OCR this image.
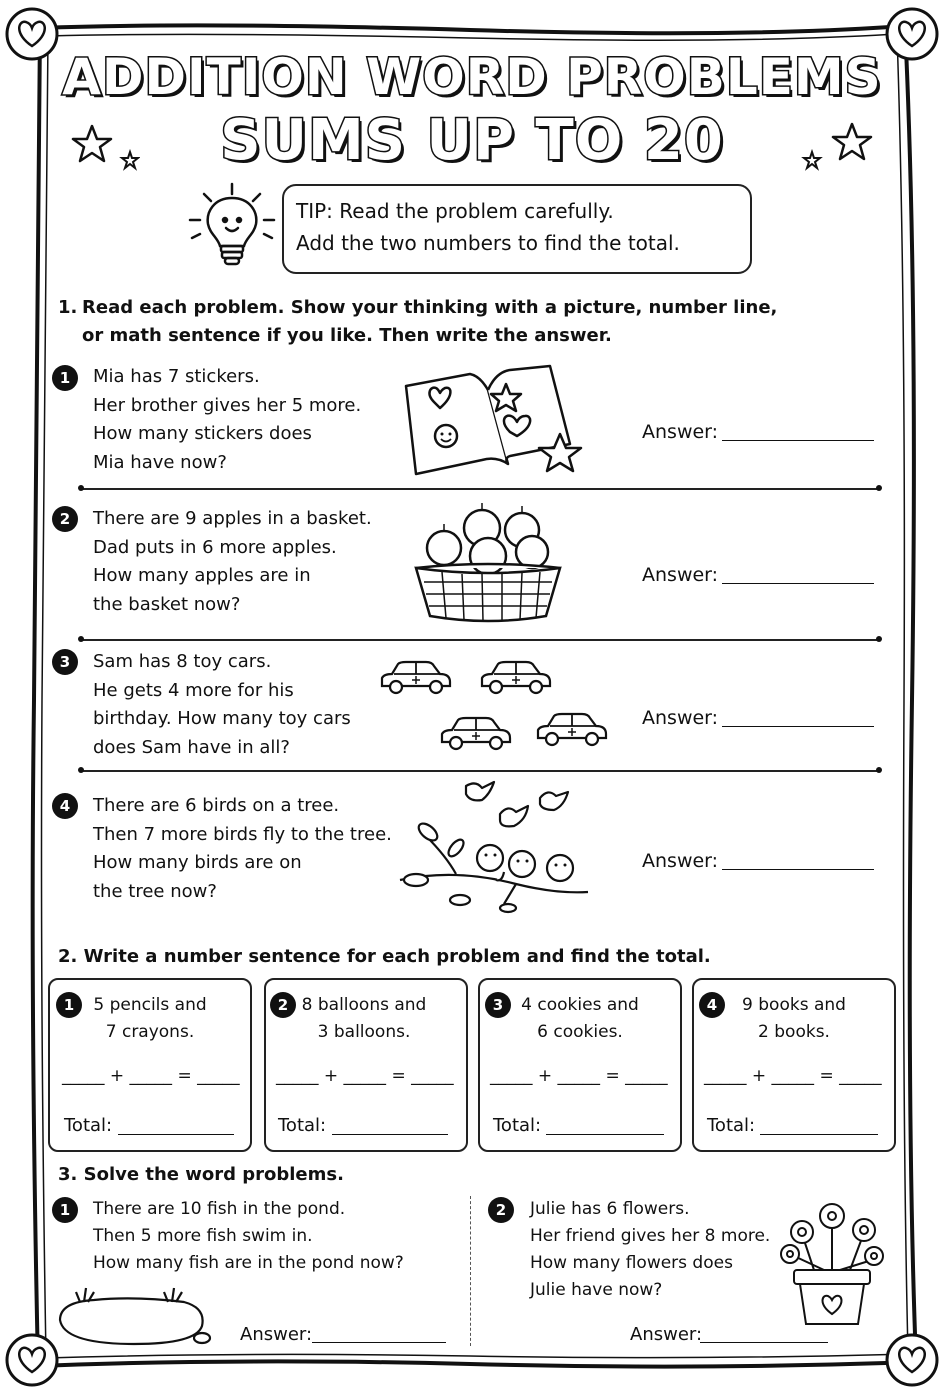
ADDITION WORD PROBLEMS
SUMS UP TO 20
TIP: Read the problem carefully.
Add the two numbers to find the total.
1. Read each problem. Show your thinking with a picture, number line,
or math sentence if you like. Then write the answer.
1	Mia has 7 stickers.
Her brother gives her 5 more.
How many stickers does
Mia have now?
Answer:
2	There are 9 apples in a basket.
Dad puts in 6 more apples.
How many apples are in
the basket now?
Answer:
3	Sam has 8 toy cars.
He gets 4 more for his
birthday. How many toy cars
does Sam have in all?
Answer:
4	There are 6 birds on a tree.
Then 7 more birds fly to the tree.
How many birds are on
the tree now?
Answer:
2. Write a number sentence for each problem and find the total.
1	5 pencils and
7 crayons.
_____ + _____ = _____
Total:
2 8 balloons and
3 balloons.
_____ + _____ = _____
Total:
3	4 cookies and
6 cookies.
_____ + _____ = _____
Total:
4	9 books and
2 books.
_____ + _____ = _____
Total:
3. Solve the word problems.
1	There are 10 fish in the pond.
Then 5 more fish swim in.
How many fish are in the pond now?
Answer:
2	Julie has 6 flowers.
Her friend gives her 8 more.
How many flowers does
Julie have now?
Answer:
